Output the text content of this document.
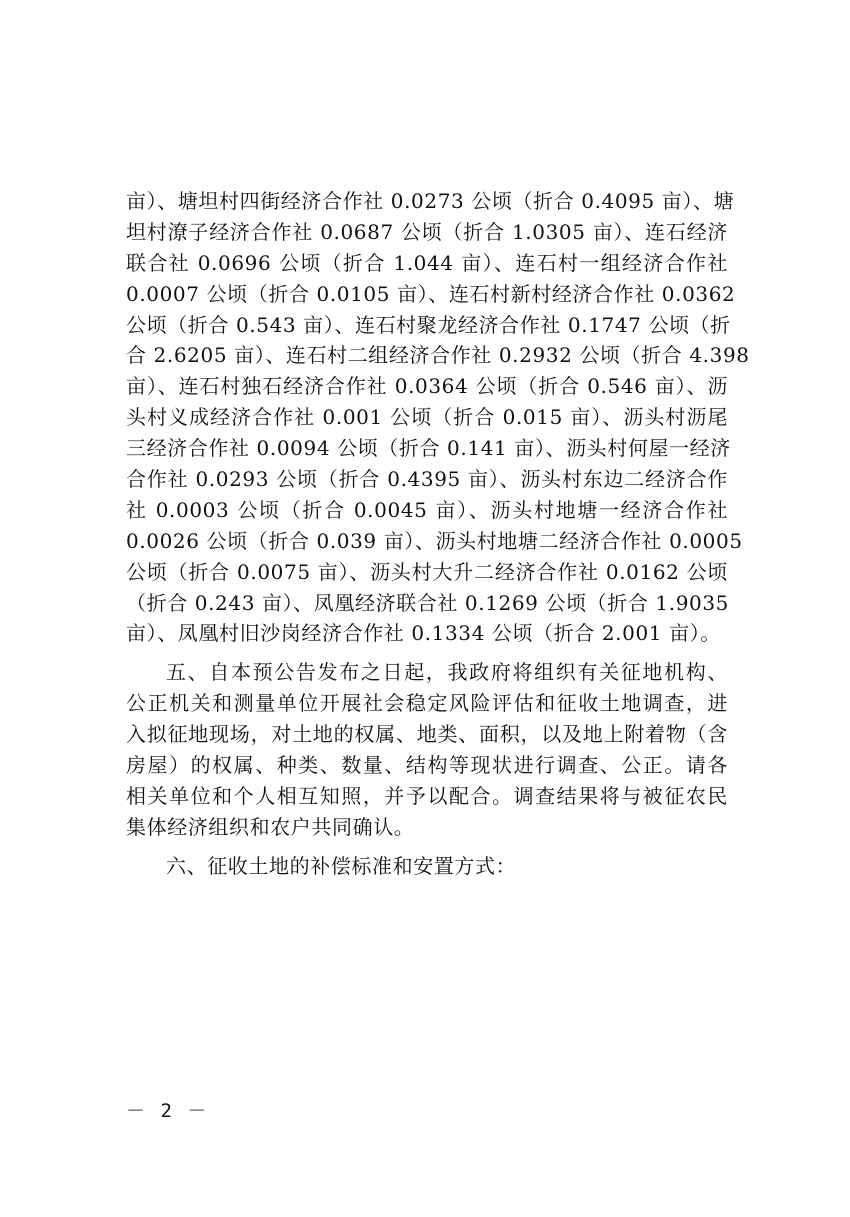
亩）、塘坦村四街经济合作社 0.0273 公顷（折合 0.4095 亩）、塘
坦村潦子经济合作社 0.0687 公顷（折合 1.0305 亩）、连石经济
联合社 0.0696 公顷（折合 1.044 亩）、连石村一组经济合作社
0.0007 公顷（折合 0.0105 亩）、连石村新村经济合作社 0.0362
公顷（折合 0.543 亩）、连石村聚龙经济合作社 0.1747 公顷（折
合 2.6205 亩）、连石村二组经济合作社 0.2932 公顷（折合 4.398
亩）、连石村独石经济合作社 0.0364 公顷（折合 0.546 亩）、沥
头村义成经济合作社 0.001 公顷（折合 0.015 亩）、沥头村沥尾
三经济合作社 0.0094 公顷（折合 0.141 亩）、沥头村何屋一经济
合作社 0.0293 公顷（折合 0.4395 亩）、沥头村东边二经济合作
社 0.0003 公顷（折合 0.0045 亩）、沥头村地塘一经济合作社
0.0026 公顷（折合 0.039 亩）、沥头村地塘二经济合作社 0.0005
公顷（折合 0.0075 亩）、沥头村大升二经济合作社 0.0162 公顷
（折合 0.243 亩）、凤凰经济联合社 0.1269 公顷（折合 1.9035
亩）、凤凰村旧沙岗经济合作社 0.1334 公顷（折合 2.001 亩）。
五、自本预公告发布之日起，我政府将组织有关征地机构、
公正机关和测量单位开展社会稳定风险评估和征收土地调查，进
入拟征地现场，对土地的权属、地类、面积，以及地上附着物（含
房屋）的权属、种类、数量、结构等现状进行调查、公正。请各
相关单位和个人相互知照，并予以配合。调查结果将与被征农民
集体经济组织和农户共同确认。
六、征收土地的补偿标准和安置方式：
－ 2 －
